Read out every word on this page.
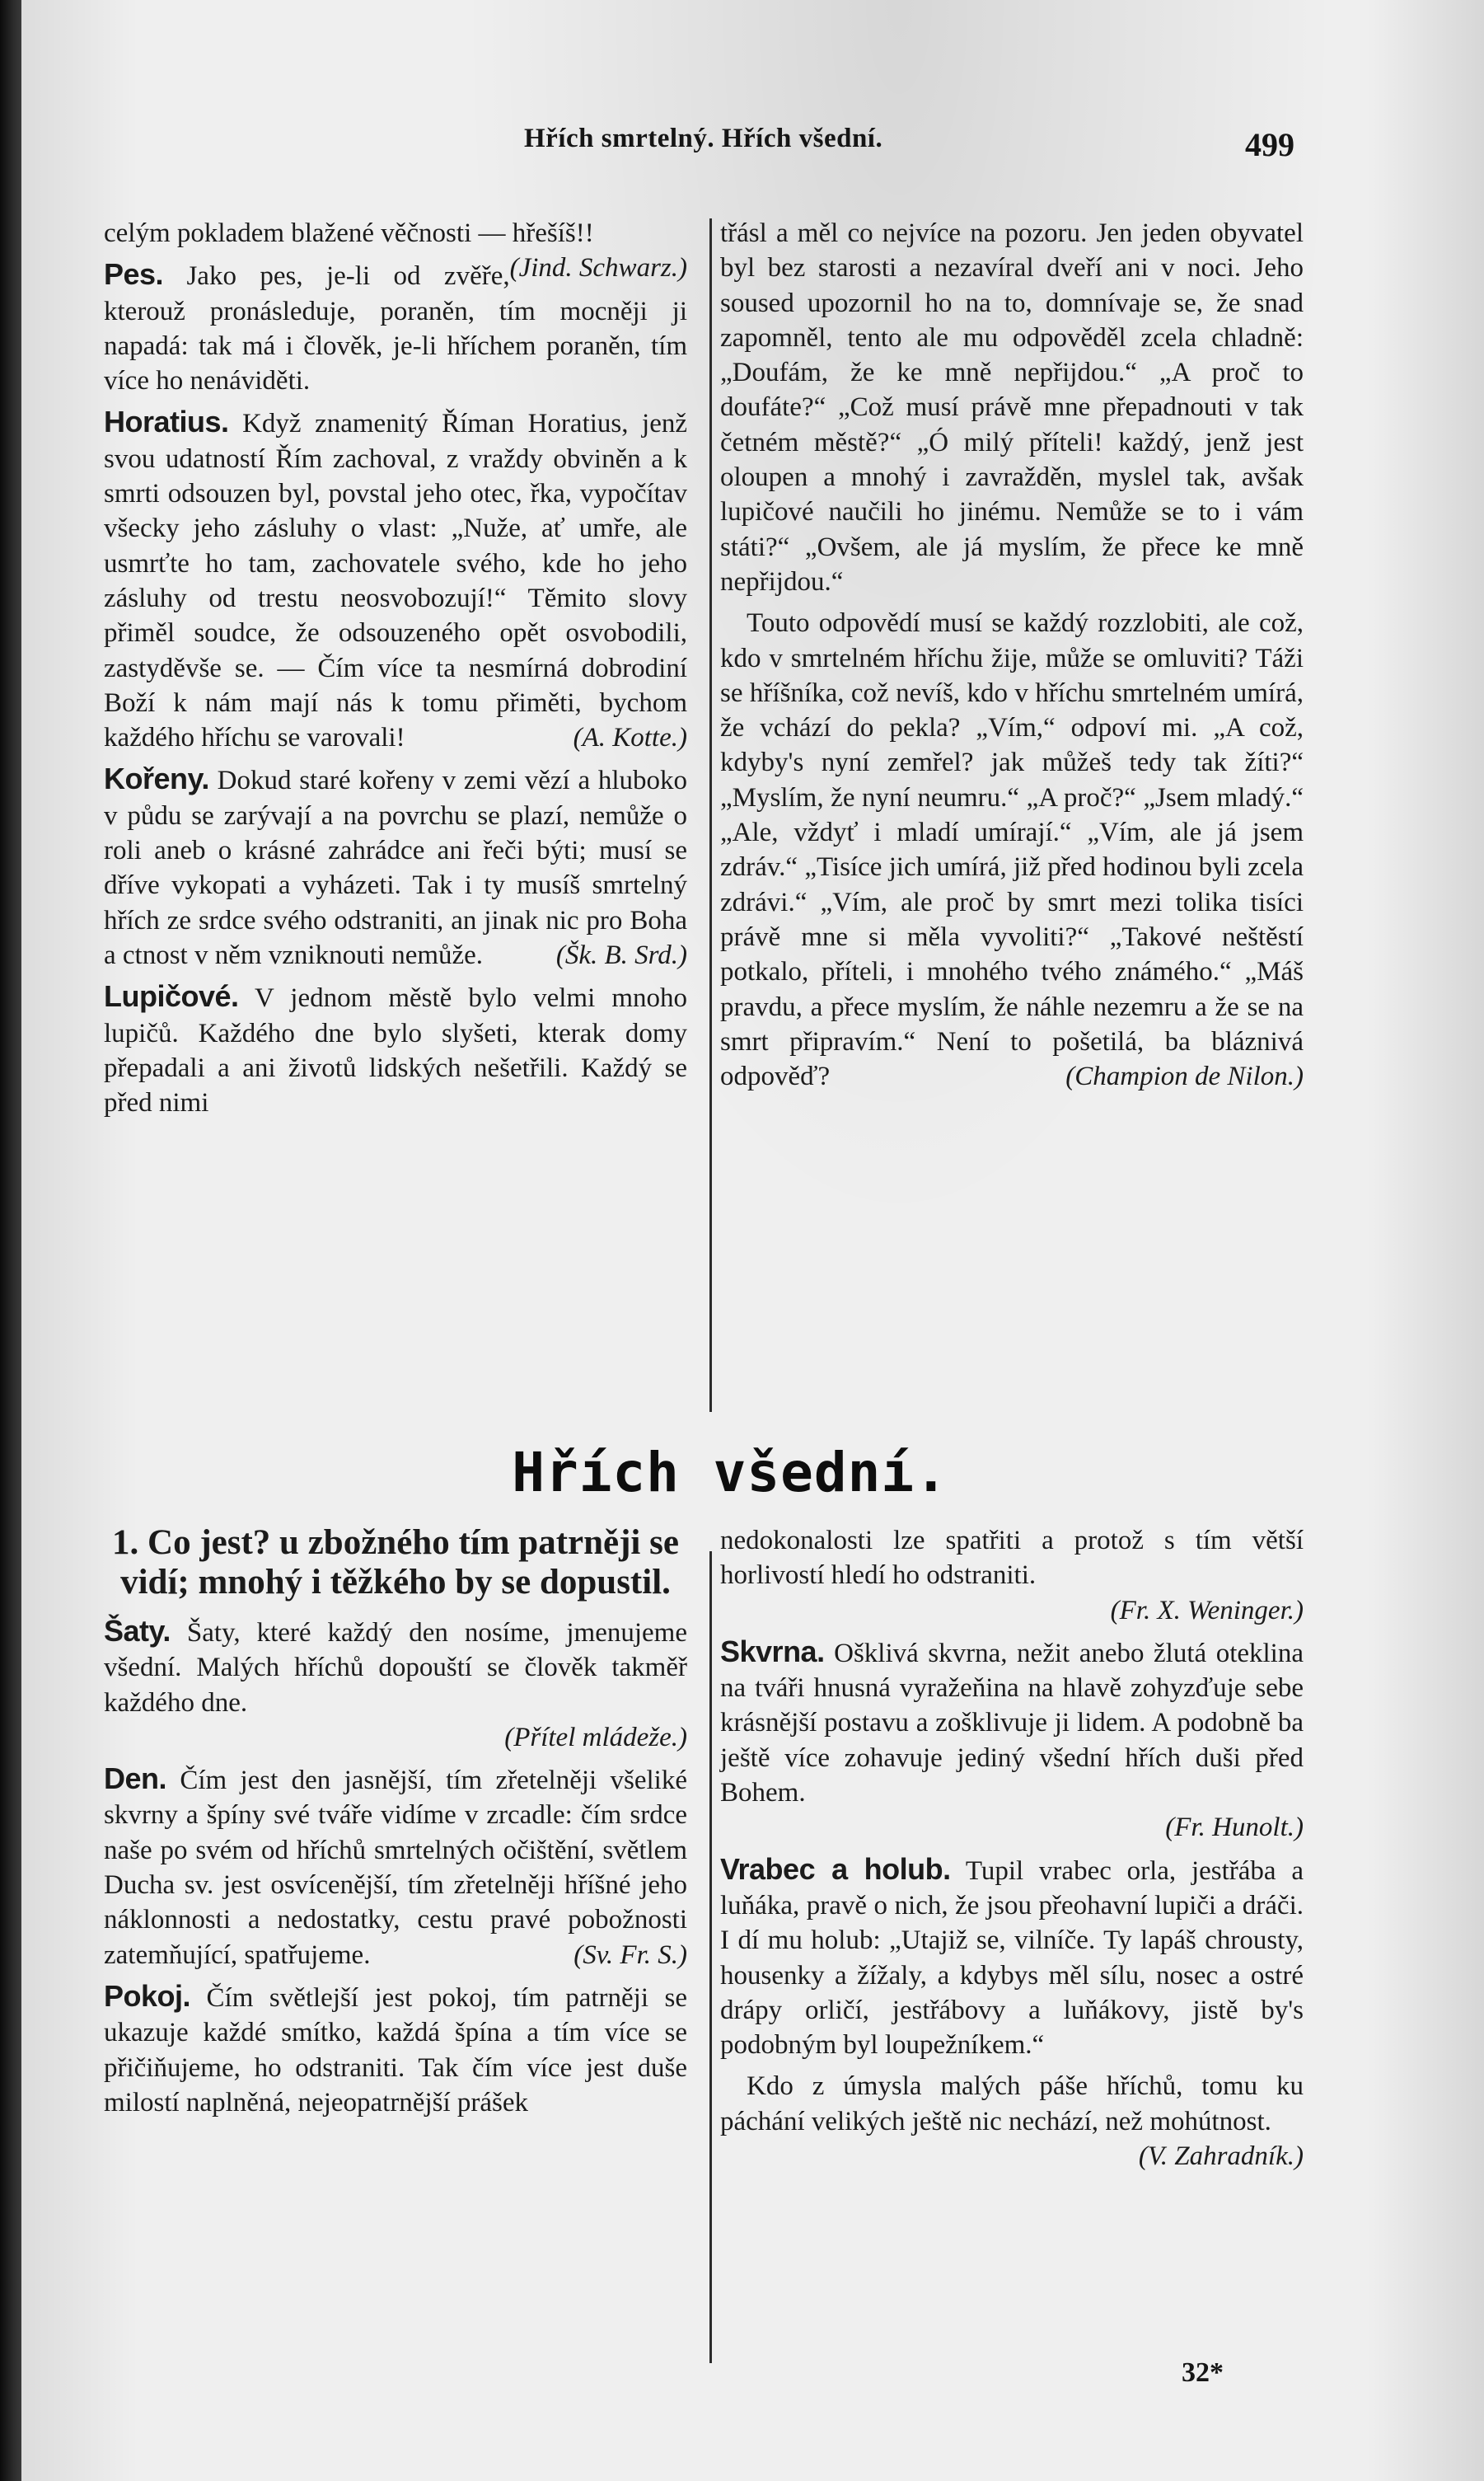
Hřích smrtelný. Hřích všední.	499

celým pokladem blažené věčnosti — hřešíš!!
(Jind. Schwarz.)

Pes. Jako pes, je-li od zvěře, kterouž pronásleduje, poraněn, tím mocněji ji napadá: tak má i člověk, je-li hříchem poraněn, tím více ho nenáviděti.

Horatius. Když znamenitý Říman Horatius, jenž svou udatností Řím zachoval, z vraždy obviněn a k smrti odsouzen byl, povstal jeho otec, řka, vypočítav všecky jeho zásluhy o vlast: „Nuže, ať umře, ale usmrťte ho tam, zachovatele svého, kde ho jeho zásluhy od trestu neosvobozují!“ Těmito slovy přiměl soudce, že odsouzeného opět osvobodili, zastyděvše se. — Čím více ta nesmírná dobrodiní Boží k nám mají nás k tomu přiměti, bychom každého hříchu se varovali!	(A. Kotte.)

Kořeny. Dokud staré kořeny v zemi vězí a hluboko v půdu se zarývají a na povrchu se plazí, nemůže o roli aneb o krásné zahrádce ani řeči býti; musí se dříve vykopati a vyházeti. Tak i ty musíš smrtelný hřích ze srdce svého odstraniti, an jinak nic pro Boha a ctnost v něm vzniknouti nemůže.	(Šk. B. Srd.)

Lupičové. V jednom městě bylo velmi mnoho lupičů. Každého dne bylo slyšeti, kterak domy přepadali a ani životů lidských nešetřili. Každý se před nimi

třásl a měl co nejvíce na pozoru. Jen jeden obyvatel byl bez starosti a nezavíral dveří ani v noci. Jeho soused upozornil ho na to, domnívaje se, že snad zapomněl, tento ale mu odpověděl zcela chladně: „Doufám, že ke mně nepřijdou.“ „A proč to doufáte?“ „Což musí právě mne přepadnouti v tak četném městě?“ „Ó milý příteli! každý, jenž jest oloupen a mnohý i zavražděn, myslel tak, avšak lupičové naučili ho jinému. Nemůže se to i vám státi?“ „Ovšem, ale já myslím, že přece ke mně nepřijdou.“

Touto odpovědí musí se každý rozzlobiti, ale což, kdo v smrtelném hříchu žije, může se omluviti? Táži se hříšníka, což nevíš, kdo v hříchu smrtelném umírá, že vchází do pekla? „Vím,“ odpoví mi. „A což, kdyby's nyní zemřel? jak můžeš tedy tak žíti?“ „Myslím, že nyní neumru.“ „A proč?“ „Jsem mladý.“ „Ale, vždyť i mladí umírají.“ „Vím, ale já jsem zdráv.“ „Tisíce jich umírá, již před hodinou byli zcela zdrávi.“ „Vím, ale proč by smrt mezi tolika tisíci právě mne si měla vyvoliti?“ „Takové neštěstí potkalo, příteli, i mnohého tvého známého.“ „Máš pravdu, a přece myslím, že náhle nezemru a že se na smrt připravím.“ Není to pošetilá, ba bláznivá odpověď?	(Champion de Nilon.)

Hřích všední.
1. Co jest? u zbožného tím patrněji se vidí; mnohý i těžkého by se dopustil.

Šaty. Šaty, které každý den nosíme, jmenujeme všední. Malých hříchů dopouští se člověk takměř každého dne.
(Přítel mládeže.)

Den. Čím jest den jasnější, tím zřetelněji všeliké skvrny a špíny své tváře vidíme v zrcadle: čím srdce naše po svém od hříchů smrtelných očištění, světlem Ducha sv. jest osvícenější, tím zřetelněji hříšné jeho náklonnosti a nedostatky, cestu pravé pobožnosti zatemňující, spatřujeme.	(Sv. Fr. S.)

Pokoj. Čím světlejší jest pokoj, tím patrněji se ukazuje každé smítko, každá špína a tím více se přičiňujeme, ho odstraniti. Tak čím více jest duše milostí naplněná, nejeopatrnější prášek

nedokonalosti lze spatřiti a protož s tím větší horlivostí hledí ho odstraniti.
(Fr. X. Weninger.)

Skvrna. Ošklivá skvrna, nežit anebo žlutá oteklina na tváři hnusná vyražeňina na hlavě zohyzďuje sebe krásnější postavu a zošklivuje ji lidem. A podobně ba ještě více zohavuje jediný všední hřích duši před Bohem.
(Fr. Hunolt.)

Vrabec a holub. Tupil vrabec orla, jestřába a luňáka, pravě o nich, že jsou přeohavní lupiči a dráči. I dí mu holub: „Utajiž se, vilníče. Ty lapáš chrousty, housenky a žížaly, a kdybys měl sílu, nosec a ostré drápy orličí, jestřábovy a luňákovy, jistě by's podobným byl loupežníkem.“

Kdo z úmysla malých páše hříchů, tomu ku páchání velikých ještě nic nechází, než mohútnost.
(V. Zahradník.)

32*
